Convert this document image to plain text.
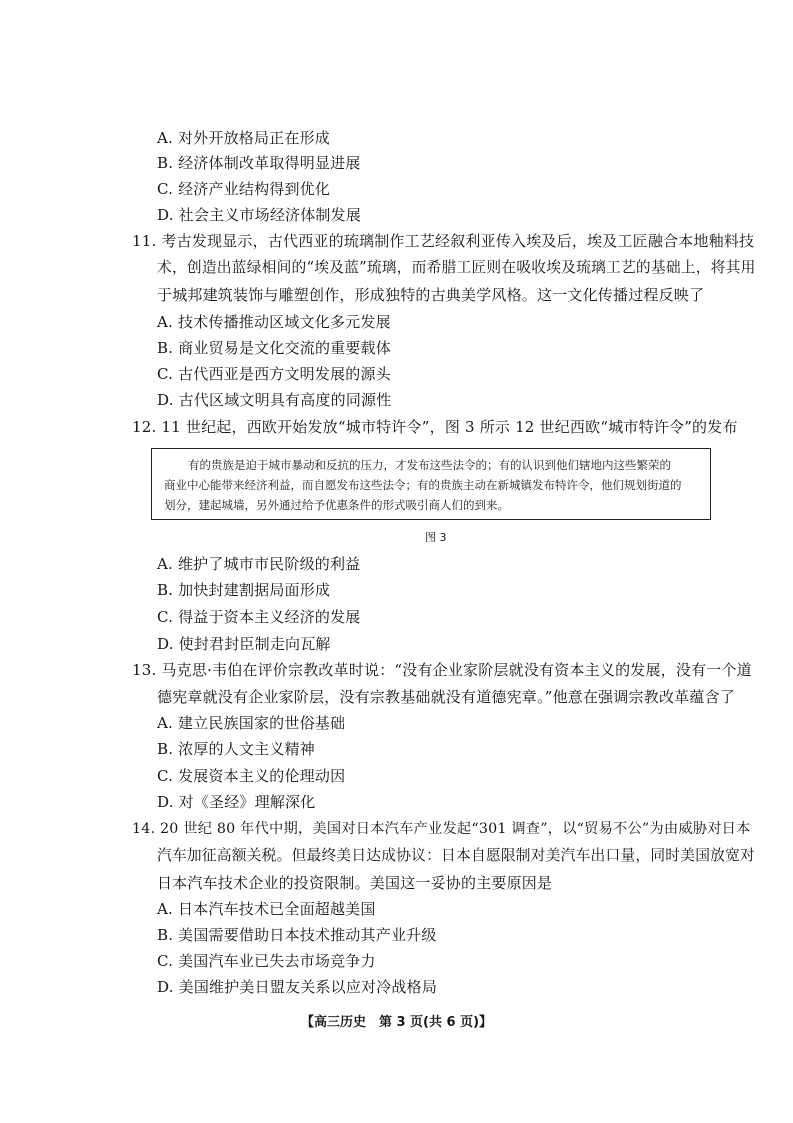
A. 对外开放格局正在形成
B. 经济体制改革取得明显进展
C. 经济产业结构得到优化
D. 社会主义市场经济体制发展
11. 考古发现显示，古代西亚的琉璃制作工艺经叙利亚传入埃及后，埃及工匠融合本地釉料技
术，创造出蓝绿相间的“埃及蓝”琉璃，而希腊工匠则在吸收埃及琉璃工艺的基础上，将其用
于城邦建筑装饰与雕塑创作，形成独特的古典美学风格。这一文化传播过程反映了
A. 技术传播推动区域文化多元发展
B. 商业贸易是文化交流的重要载体
C. 古代西亚是西方文明发展的源头
D. 古代区域文明具有高度的同源性
12. 11 世纪起，西欧开始发放“城市特许令”，图 3 所示 12 世纪西欧“城市特许令”的发布
有的贵族是迫于城市暴动和反抗的压力，才发布这些法令的；有的认识到他们辖地内这些繁荣的
商业中心能带来经济利益，而自愿发布这些法令；有的贵族主动在新城镇发布特许令，他们规划街道的
划分，建起城墙，另外通过给予优惠条件的形式吸引商人们的到来。
图 3
A. 维护了城市市民阶级的利益
B. 加快封建割据局面形成
C. 得益于资本主义经济的发展
D. 使封君封臣制走向瓦解
13. 马克思·韦伯在评价宗教改革时说：“没有企业家阶层就没有资本主义的发展，没有一个道
德宪章就没有企业家阶层，没有宗教基础就没有道德宪章。”他意在强调宗教改革蕴含了
A. 建立民族国家的世俗基础
B. 浓厚的人文主义精神
C. 发展资本主义的伦理动因
D. 对《圣经》理解深化
14. 20 世纪 80 年代中期，美国对日本汽车产业发起“301 调查”，以“贸易不公”为由威胁对日本
汽车加征高额关税。但最终美日达成协议：日本自愿限制对美汽车出口量，同时美国放宽对
日本汽车技术企业的投资限制。美国这一妥协的主要原因是
A. 日本汽车技术已全面超越美国
B. 美国需要借助日本技术推动其产业升级
C. 美国汽车业已失去市场竞争力
D. 美国维护美日盟友关系以应对冷战格局
【高三历史　第 3 页(共 6 页)】
